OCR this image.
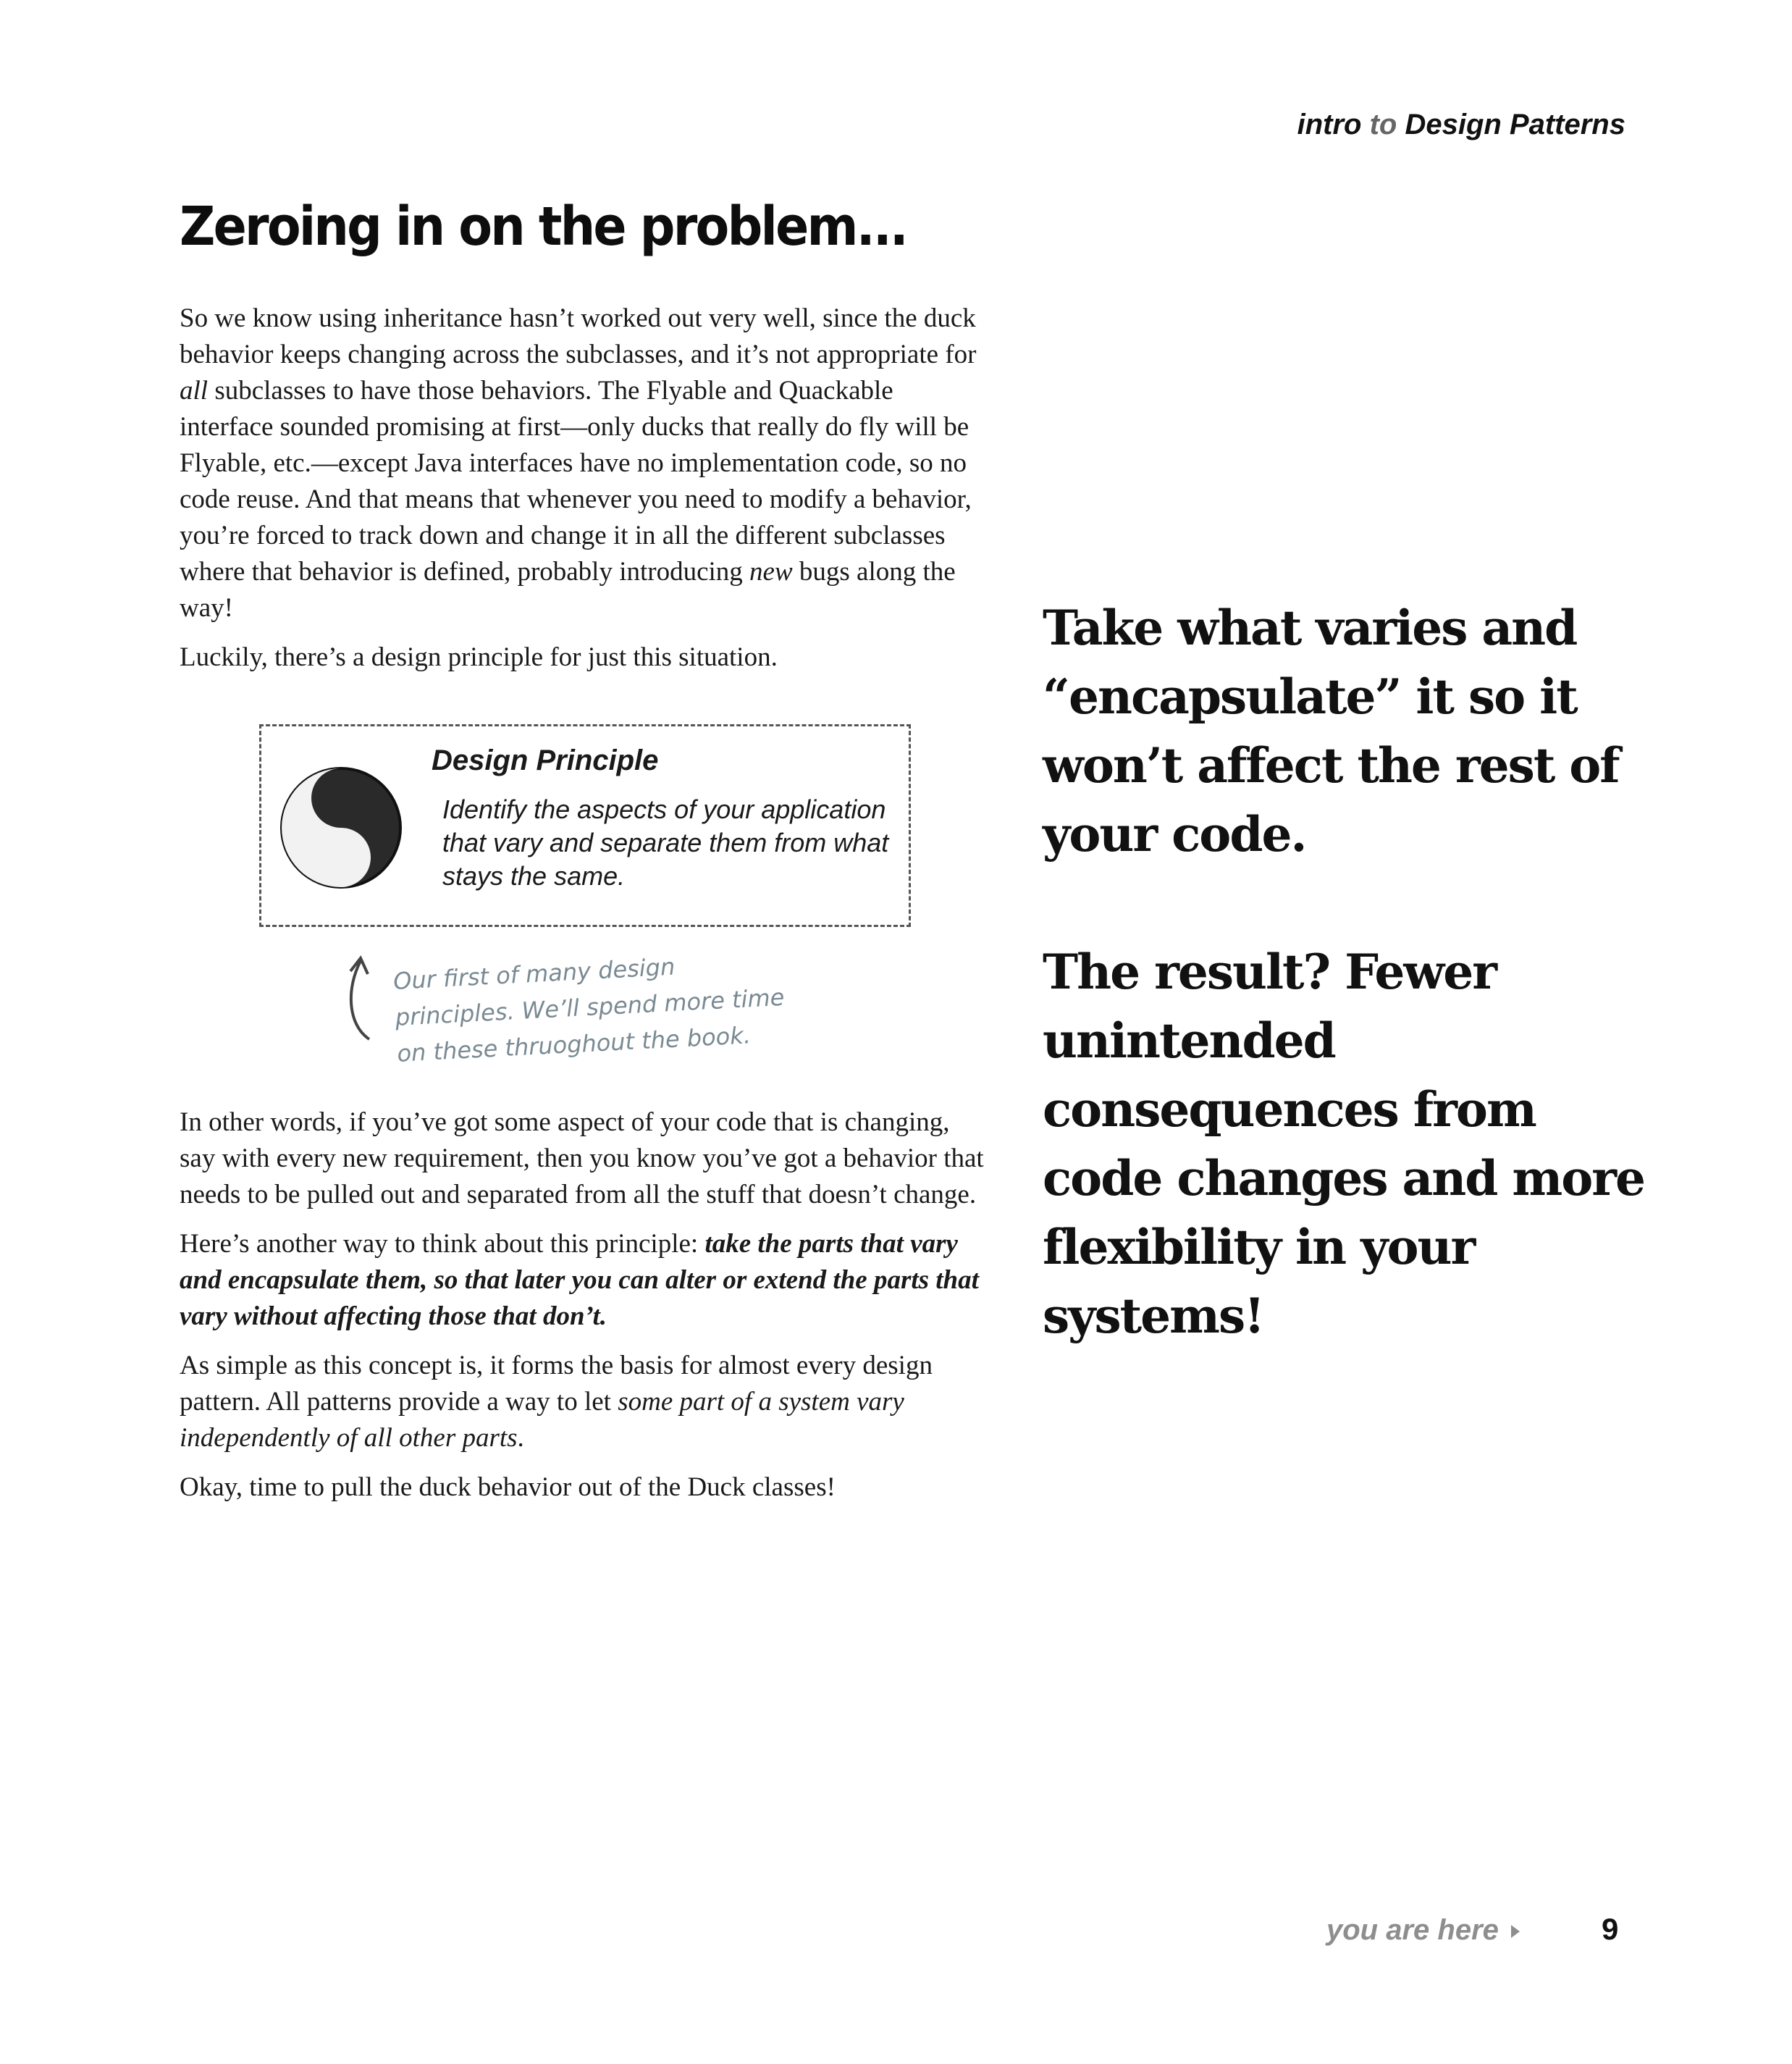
intro to Design Patterns
Zeroing in on the problem...

So we know using inheritance hasn’t worked out very well, since the duck behavior keeps changing across the subclasses, and it’s not appropriate for all subclasses to have those behaviors. The Flyable and Quackable interface sounded promising at first—only ducks that really do fly will be Flyable, etc.—except Java interfaces have no implementation code, so no code reuse. And that means that whenever you need to modify a behavior, you’re forced to track down and change it in all the different subclasses where that behavior is defined, probably introducing new bugs along the way!

Luckily, there’s a design principle for just this situation.

Design Principle
Identify the aspects of your application that vary and separate them from what stays the same.
Our first of many design principles. We’ll spend more time on these thruoghout the book.

In other words, if you’ve got some aspect of your code that is changing, say with every new requirement, then you know you’ve got a behavior that needs to be pulled out and separated from all the stuff that doesn’t change.

Here’s another way to think about this principle: take the parts that vary and encapsulate them, so that later you can alter or extend the parts that vary without affecting those that don’t.

As simple as this concept is, it forms the basis for almost every design pattern. All patterns provide a way to let some part of a system vary independently of all other parts.

Okay, time to pull the duck behavior out of the Duck classes!

Take what varies and “encapsulate” it so it won’t affect the rest of your code.

The result? Fewer unintended consequences from code changes and more flexibility in your systems!

you are here	9
